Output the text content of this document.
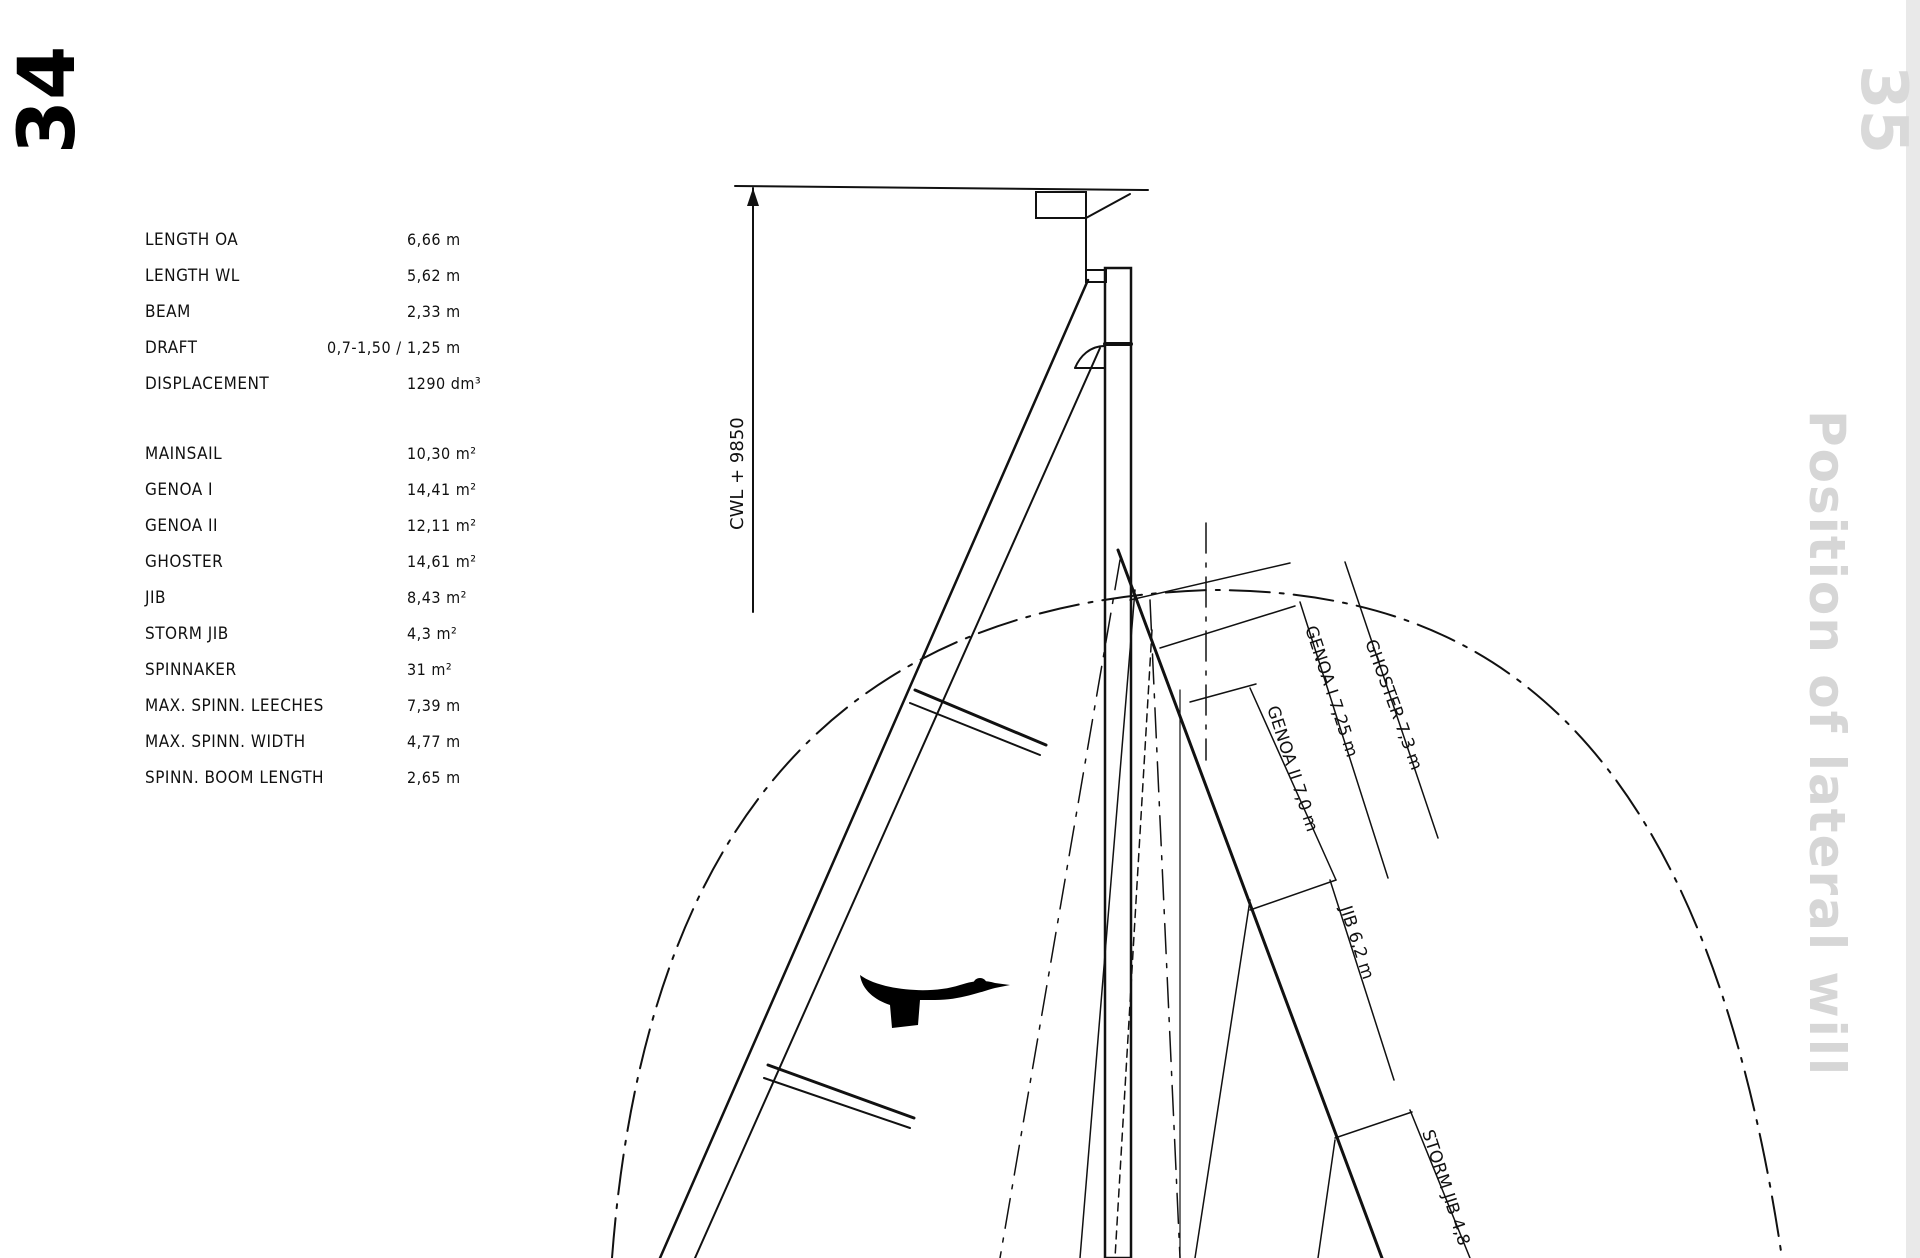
35
Position of lateral will
34
LENGTH OA	6,66 m
LENGTH WL	5,62 m
BEAM	2,33 m
DRAFT	0,7-1,50 / 1,25 m
DISPLACEMENT	1290 dm³
MAINSAIL	10,30 m²
GENOA I	14,41 m²
GENOA II	12,11 m²
GHOSTER	14,61 m²
JIB	8,43 m²
STORM JIB	4,3 m²
SPINNAKER	31 m²
MAX. SPINN. LEECHES	7,39 m
MAX. SPINN. WIDTH	4,77 m
SPINN. BOOM LENGTH	2,65 m
CWL + 9850
GHOSTER 7,3 m
GENOA I 7,25 m
GENOA II 7,0 m
JIB 6,2 m
STORM JIB 4,8
